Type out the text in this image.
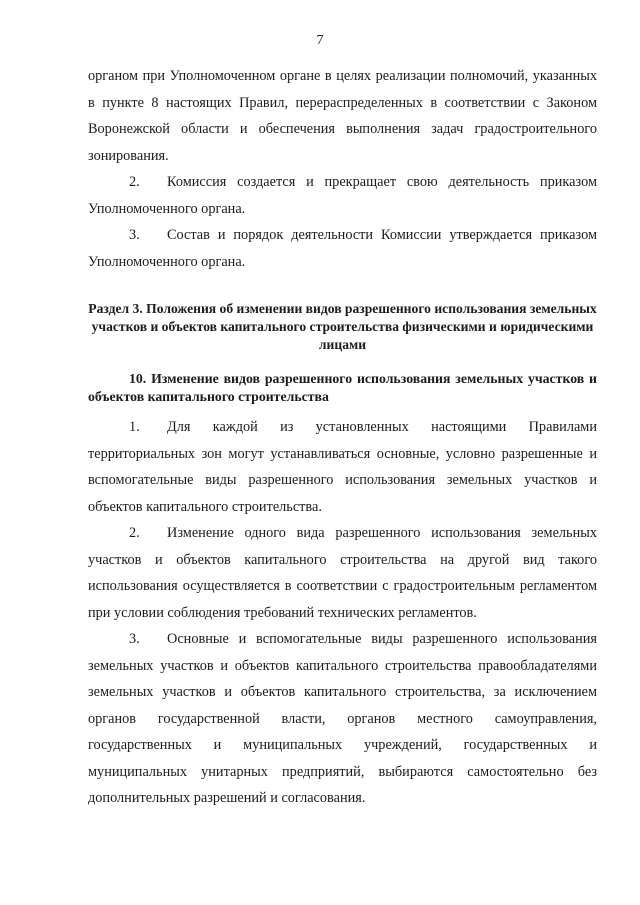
7

органом при Уполномоченном органе в целях реализации полномочий, указанных в пункте 8 настоящих Правил, перераспределенных в соответствии с Законом Воронежской области и обеспечения выполнения задач градостроительного зонирования.

2. Комиссия создается и прекращает свою деятельность приказом Уполномоченного органа.

3. Состав и порядок деятельности Комиссии утверждается приказом Уполномоченного органа.

Раздел 3. Положения об изменении видов разрешенного использования земельных участков и объектов капитального строительства физическими и юридическими лицами
10. Изменение видов разрешенного использования земельных участков и объектов капитального строительства

1. Для каждой из установленных настоящими Правилами территориальных зон могут устанавливаться основные, условно разрешенные и вспомогательные виды разрешенного использования земельных участков и объектов капитального строительства.

2. Изменение одного вида разрешенного использования земельных участков и объектов капитального строительства на другой вид такого использования осуществляется в соответствии с градостроительным регламентом при условии соблюдения требований технических регламентов.

3. Основные и вспомогательные виды разрешенного использования земельных участков и объектов капитального строительства правообладателями земельных участков и объектов капитального строительства, за исключением органов государственной власти, органов местного самоуправления, государственных и муниципальных учреждений, государственных и муниципальных унитарных предприятий, выбираются самостоятельно без дополнительных разрешений и согласования.
